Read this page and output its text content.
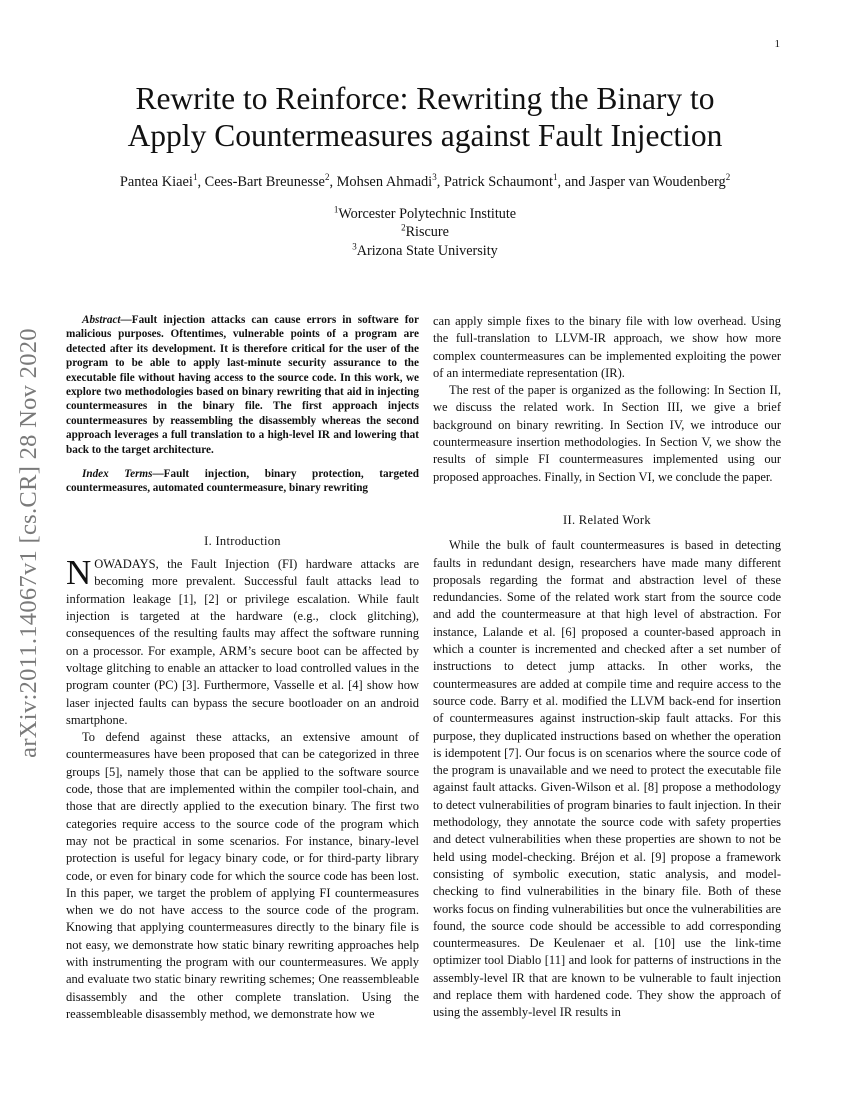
1
arXiv:2011.14067v1 [cs.CR] 28 Nov 2020
Rewrite to Reinforce: Rewriting the Binary to
Apply Countermeasures against Fault Injection
Pantea Kiaei$^1$, Cees-Bart Breunesse$^2$, Mohsen Ahmadi$^3$, Patrick Schaumont$^1$, and Jasper van Woudenberg$^2$
$^1$Worcester Polytechnic Institute
$^2$Riscure
$^3$Arizona State University

Abstract—Fault injection attacks can cause errors in software for malicious purposes. Oftentimes, vulnerable points of a program are detected after its development. It is therefore critical for the user of the program to be able to apply last-minute security assurance to the executable file without having access to the source code. In this work, we explore two methodologies based on binary rewriting that aid in injecting countermeasures in the binary file. The first approach injects countermeasures by reassembling the disassembly whereas the second approach leverages a full translation to a high-level IR and lowering that back to the target architecture.

Index Terms—Fault injection, binary protection, targeted countermeasures, automated countermeasure, binary rewriting

I. Introduction

NOWADAYS, the Fault Injection (FI) hardware attacks are becoming more prevalent. Successful fault attacks lead to information leakage [1], [2] or privilege escalation. While fault injection is targeted at the hardware (e.g., clock glitching), consequences of the resulting faults may affect the software running on a processor. For example, ARM’s secure boot can be affected by voltage glitching to enable an attacker to load controlled values in the program counter (PC) [3]. Furthermore, Vasselle et al. [4] show how laser injected faults can bypass the secure bootloader on an android smartphone.

To defend against these attacks, an extensive amount of countermeasures have been proposed that can be categorized in three groups [5], namely those that can be applied to the software source code, those that are implemented within the compiler tool-chain, and those that are directly applied to the execution binary. The first two categories require access to the source code of the program which may not be practical in some scenarios. For instance, binary-level protection is useful for legacy binary code, or for third-party library code, or even for binary code for which the source code has been lost. In this paper, we target the problem of applying FI countermeasures when we do not have access to the source code of the program. Knowing that applying countermeasures directly to the binary file is not easy, we demonstrate how static binary rewriting approaches help with instrumenting the program with our countermeasures. We apply and evaluate two static binary rewriting schemes; One reassembleable disassembly and the other complete translation. Using the reassembleable disassembly method, we demonstrate how we

can apply simple fixes to the binary file with low overhead. Using the full-translation to LLVM-IR approach, we show how more complex countermeasures can be implemented exploiting the power of an intermediate representation (IR).

The rest of the paper is organized as the following: In Section II, we discuss the related work. In Section III, we give a brief background on binary rewriting. In Section IV, we introduce our countermeasure insertion methodologies. In Section V, we show the results of simple FI countermeasures implemented using our proposed approaches. Finally, in Section VI, we conclude the paper.

II. Related Work

While the bulk of fault countermeasures is based in detecting faults in redundant design, researchers have made many different proposals regarding the format and abstraction level of these redundancies. Some of the related work start from the source code and add the countermeasure at that high level of abstraction. For instance, Lalande et al. [6] proposed a counter-based approach in which a counter is incremented and checked after a set number of instructions to detect jump attacks. In other works, the countermeasures are added at compile time and require access to the source code. Barry et al. modified the LLVM back-end for insertion of countermeasures against instruction-skip fault attacks. For this purpose, they duplicated instructions based on whether the operation is idempotent [7]. Our focus is on scenarios where the source code of the program is unavailable and we need to protect the executable file against fault attacks. Given-Wilson et al. [8] propose a methodology to detect vulnerabilities of program binaries to fault injection. In their methodology, they annotate the source code with safety properties and detect vulnerabilities when these properties are shown to not be held using model-checking. Bréjon et al. [9] propose a framework consisting of symbolic execution, static analysis, and model-checking to find vulnerabilities in the binary file. Both of these works focus on finding vulnerabilities but once the vulnerabilities are found, the source code should be accessible to add corresponding countermeasures. De Keulenaer et al. [10] use the link-time optimizer tool Diablo [11] and look for patterns of instructions in the assembly-level IR that are known to be vulnerable to fault injection and replace them with hardened code. They show the approach of using the assembly-level IR results in
